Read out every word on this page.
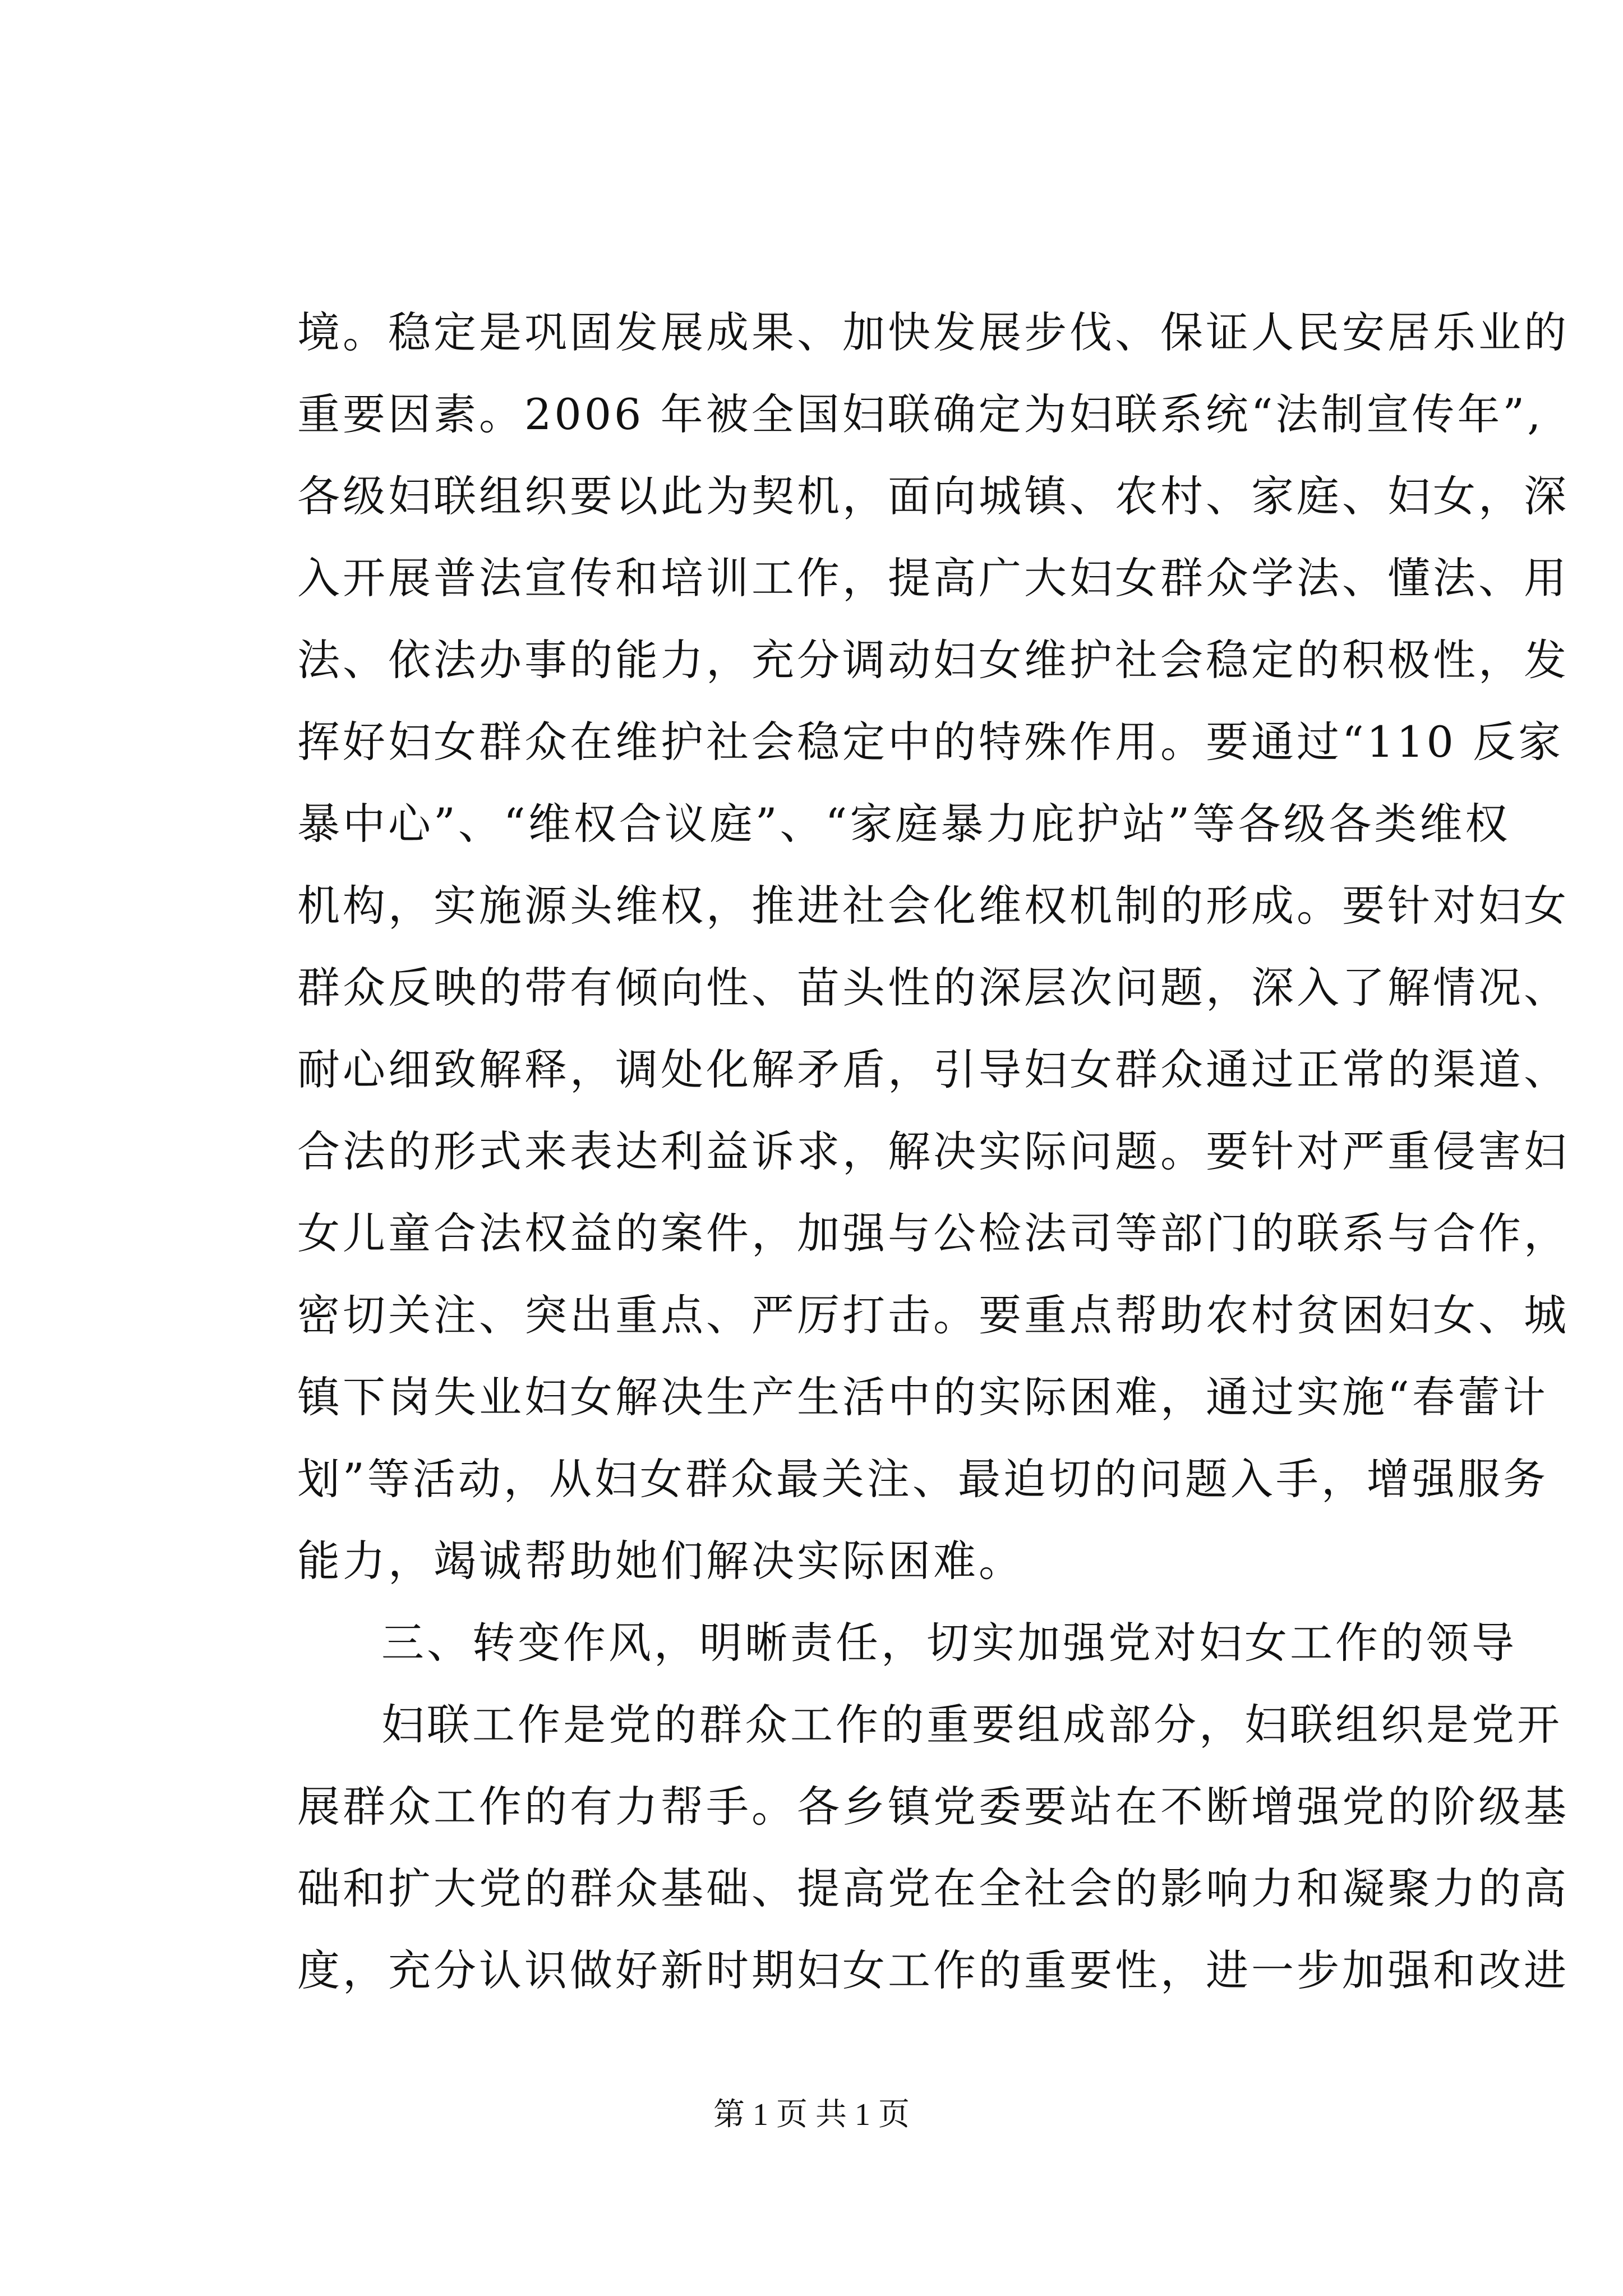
境。稳定是巩固发展成果、加快发展步伐、保证人民安居乐业的
重要因素。2006 年被全国妇联确定为妇联系统“法制宣传年”,
各级妇联组织要以此为契机，面向城镇、农村、家庭、妇女，深
入开展普法宣传和培训工作，提高广大妇女群众学法、懂法、用
法、依法办事的能力，充分调动妇女维护社会稳定的积极性，发
挥好妇女群众在维护社会稳定中的特殊作用。要通过“110 反家
暴中心”、“维权合议庭”、“家庭暴力庇护站”等各级各类维权
机构，实施源头维权，推进社会化维权机制的形成。要针对妇女
群众反映的带有倾向性、苗头性的深层次问题，深入了解情况、
耐心细致解释，调处化解矛盾，引导妇女群众通过正常的渠道、
合法的形式来表达利益诉求，解决实际问题。要针对严重侵害妇
女儿童合法权益的案件，加强与公检法司等部门的联系与合作，
密切关注、突出重点、严厉打击。要重点帮助农村贫困妇女、城
镇下岗失业妇女解决生产生活中的实际困难，通过实施“春蕾计
划”等活动，从妇女群众最关注、最迫切的问题入手，增强服务
能力，竭诚帮助她们解决实际困难。
三、转变作风，明晰责任，切实加强党对妇女工作的领导
妇联工作是党的群众工作的重要组成部分，妇联组织是党开
展群众工作的有力帮手。各乡镇党委要站在不断增强党的阶级基
础和扩大党的群众基础、提高党在全社会的影响力和凝聚力的高
度，充分认识做好新时期妇女工作的重要性，进一步加强和改进
第 1 页 共 1 页
